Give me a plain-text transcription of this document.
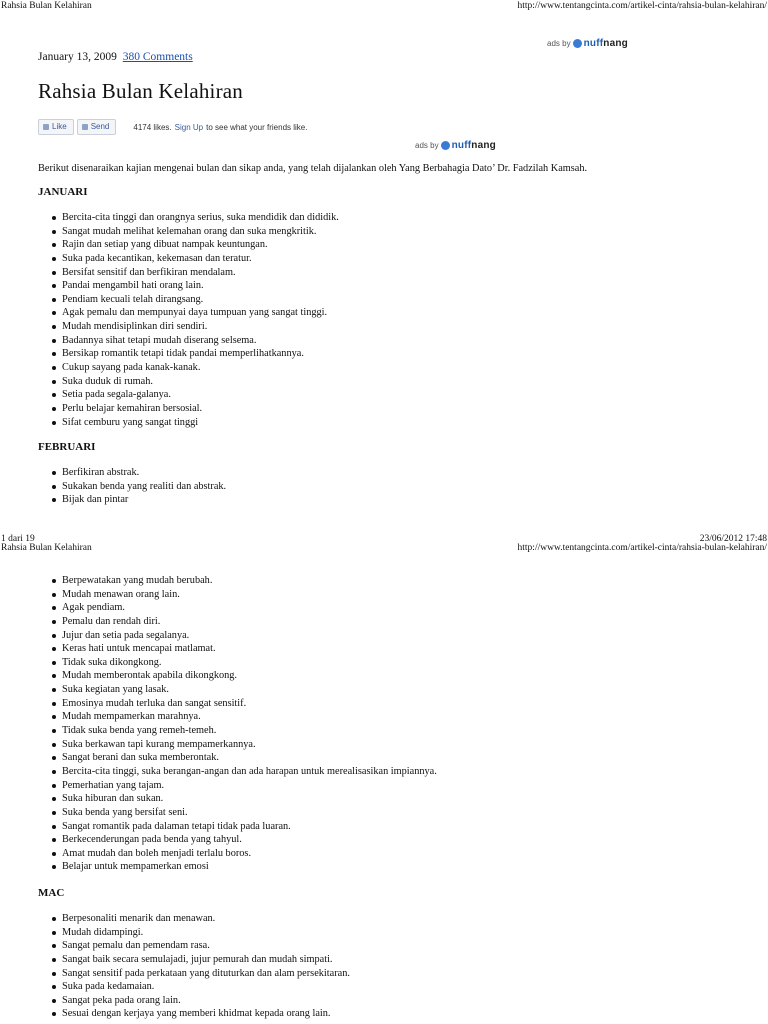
Rahsia Bulan Kelahiran	http://www.tentangcinta.com/artikel-cinta/rahsia-bulan-kelahiran/
ads by nuffnang
January 13, 2009 380 Comments
Rahsia Bulan Kelahiran
Like	Send	4174 likes. Sign Up to see what your friends like.
ads by nuffnang

Berikut disenaraikan kajian mengenai bulan dan sikap anda, yang telah dijalankan oleh Yang Berbahagia Dato’ Dr. Fadzilah Kamsah.

JANUARI
Bercita-cita tinggi dan orangnya serius, suka mendidik dan dididik.
Sangat mudah melihat kelemahan orang dan suka mengkritik.
Rajin dan setiap yang dibuat nampak keuntungan.
Suka pada kecantikan, kekemasan dan teratur.
Bersifat sensitif dan berfikiran mendalam.
Pandai mengambil hati orang lain.
Pendiam kecuali telah dirangsang.
Agak pemalu dan mempunyai daya tumpuan yang sangat tinggi.
Mudah mendisiplinkan diri sendiri.
Badannya sihat tetapi mudah diserang selsema.
Bersikap romantik tetapi tidak pandai memperlihatkannya.
Cukup sayang pada kanak-kanak.
Suka duduk di rumah.
Setia pada segala-galanya.
Perlu belajar kemahiran bersosial.
Sifat cemburu yang sangat tinggi
FEBRUARI
Berfikiran abstrak.
Sukakan benda yang realiti dan abstrak.
Bijak dan pintar
1 dari 19	23/06/2012 17:48
Rahsia Bulan Kelahiran	http://www.tentangcinta.com/artikel-cinta/rahsia-bulan-kelahiran/
Berpewatakan yang mudah berubah.
Mudah menawan orang lain.
Agak pendiam.
Pemalu dan rendah diri.
Jujur dan setia pada segalanya.
Keras hati untuk mencapai matlamat.
Tidak suka dikongkong.
Mudah memberontak apabila dikongkong.
Suka kegiatan yang lasak.
Emosinya mudah terluka dan sangat sensitif.
Mudah mempamerkan marahnya.
Tidak suka benda yang remeh-temeh.
Suka berkawan tapi kurang mempamerkannya.
Sangat berani dan suka memberontak.
Bercita-cita tinggi, suka berangan-angan dan ada harapan untuk merealisasikan impiannya.
Pemerhatian yang tajam.
Suka hiburan dan sukan.
Suka benda yang bersifat seni.
Sangat romantik pada dalaman tetapi tidak pada luaran.
Berkecenderungan pada benda yang tahyul.
Amat mudah dan boleh menjadi terlalu boros.
Belajar untuk mempamerkan emosi
MAC
Berpesonaliti menarik dan menawan.
Mudah didampingi.
Sangat pemalu dan pemendam rasa.
Sangat baik secara semulajadi, jujur pemurah dan mudah simpati.
Sangat sensitif pada perkataan yang dituturkan dan alam persekitaran.
Suka pada kedamaian.
Sangat peka pada orang lain.
Sesuai dengan kerjaya yang memberi khidmat kepada orang lain.
